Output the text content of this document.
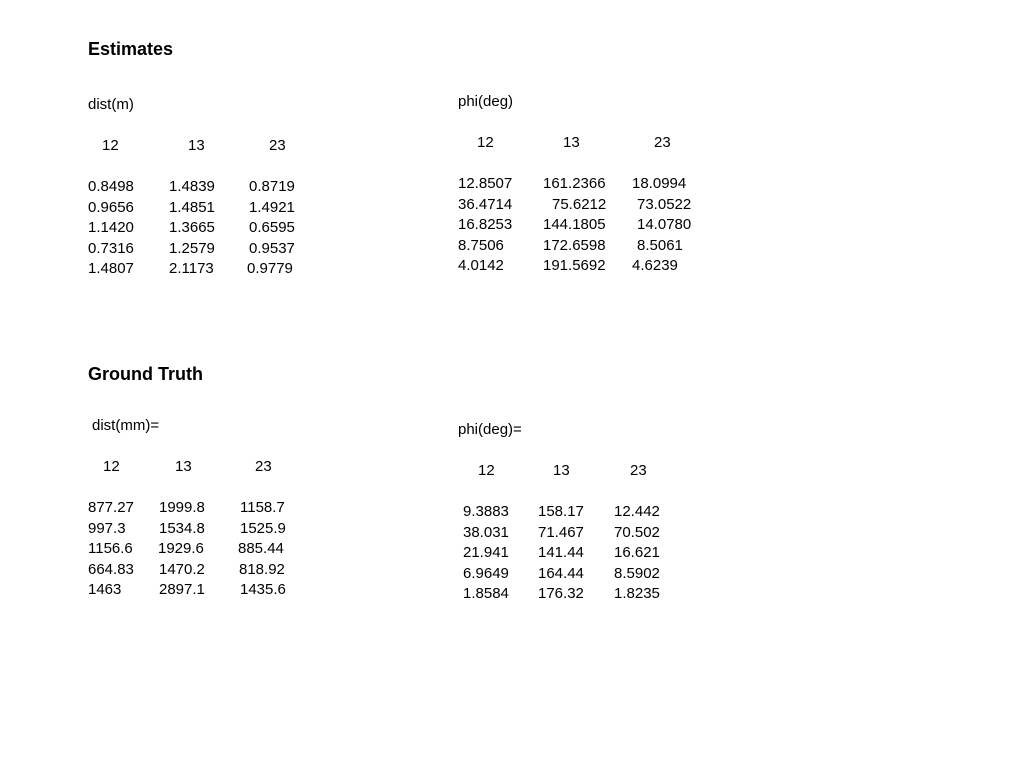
Estimates
dist(m)
12	13	23
0.8498 1.4839 0.8719
0.9656 1.4851 1.4921
1.1420 1.3665 0.6595
0.7316 1.2579 0.9537
1.4807 2.1173 0.9779
phi(deg)
12	13	23
12.8507 161.2366 18.0994
36.4714	75.6212 73.0522
16.8253 144.1805 14.0780
8.7506	172.6598 8.5061
4.0142	191.5692 4.6239
Ground Truth
dist(mm)=
12	13	23
877.27 1999.8 1158.7
997.3 1534.8 1525.9
1156.6 1929.6 885.44
664.83 1470.2 818.92
1463	2897.1 1435.6
phi(deg)=
12	13	23
9.3883 158.17 12.442
38.031 71.467 70.502
21.941 141.44 16.621
6.9649 164.44 8.5902
1.8584 176.32 1.8235
